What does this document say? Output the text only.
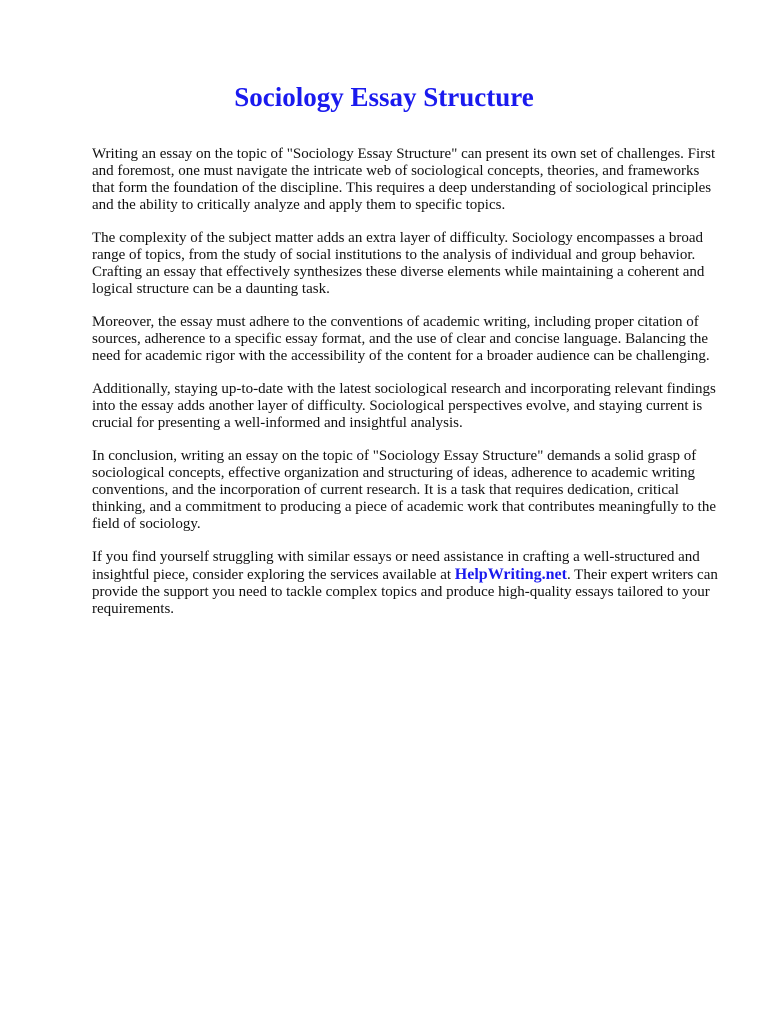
Sociology Essay Structure

Writing an essay on the topic of "Sociology Essay Structure" can present its own set of challenges. First and foremost, one must navigate the intricate web of sociological concepts, theories, and frameworks that form the foundation of the discipline. This requires a deep understanding of sociological principles and the ability to critically analyze and apply them to specific topics.

The complexity of the subject matter adds an extra layer of difficulty. Sociology encompasses a broad range of topics, from the study of social institutions to the analysis of individual and group behavior. Crafting an essay that effectively synthesizes these diverse elements while maintaining a coherent and logical structure can be a daunting task.

Moreover, the essay must adhere to the conventions of academic writing, including proper citation of sources, adherence to a specific essay format, and the use of clear and concise language. Balancing the need for academic rigor with the accessibility of the content for a broader audience can be challenging.

Additionally, staying up-to-date with the latest sociological research and incorporating relevant findings into the essay adds another layer of difficulty. Sociological perspectives evolve, and staying current is crucial for presenting a well-informed and insightful analysis.

In conclusion, writing an essay on the topic of "Sociology Essay Structure" demands a solid grasp of sociological concepts, effective organization and structuring of ideas, adherence to academic writing conventions, and the incorporation of current research. It is a task that requires dedication, critical thinking, and a commitment to producing a piece of academic work that contributes meaningfully to the field of sociology.

If you find yourself struggling with similar essays or need assistance in crafting a well-structured and insightful piece, consider exploring the services available at HelpWriting.net. Their expert writers can provide the support you need to tackle complex topics and produce high-quality essays tailored to your requirements.
